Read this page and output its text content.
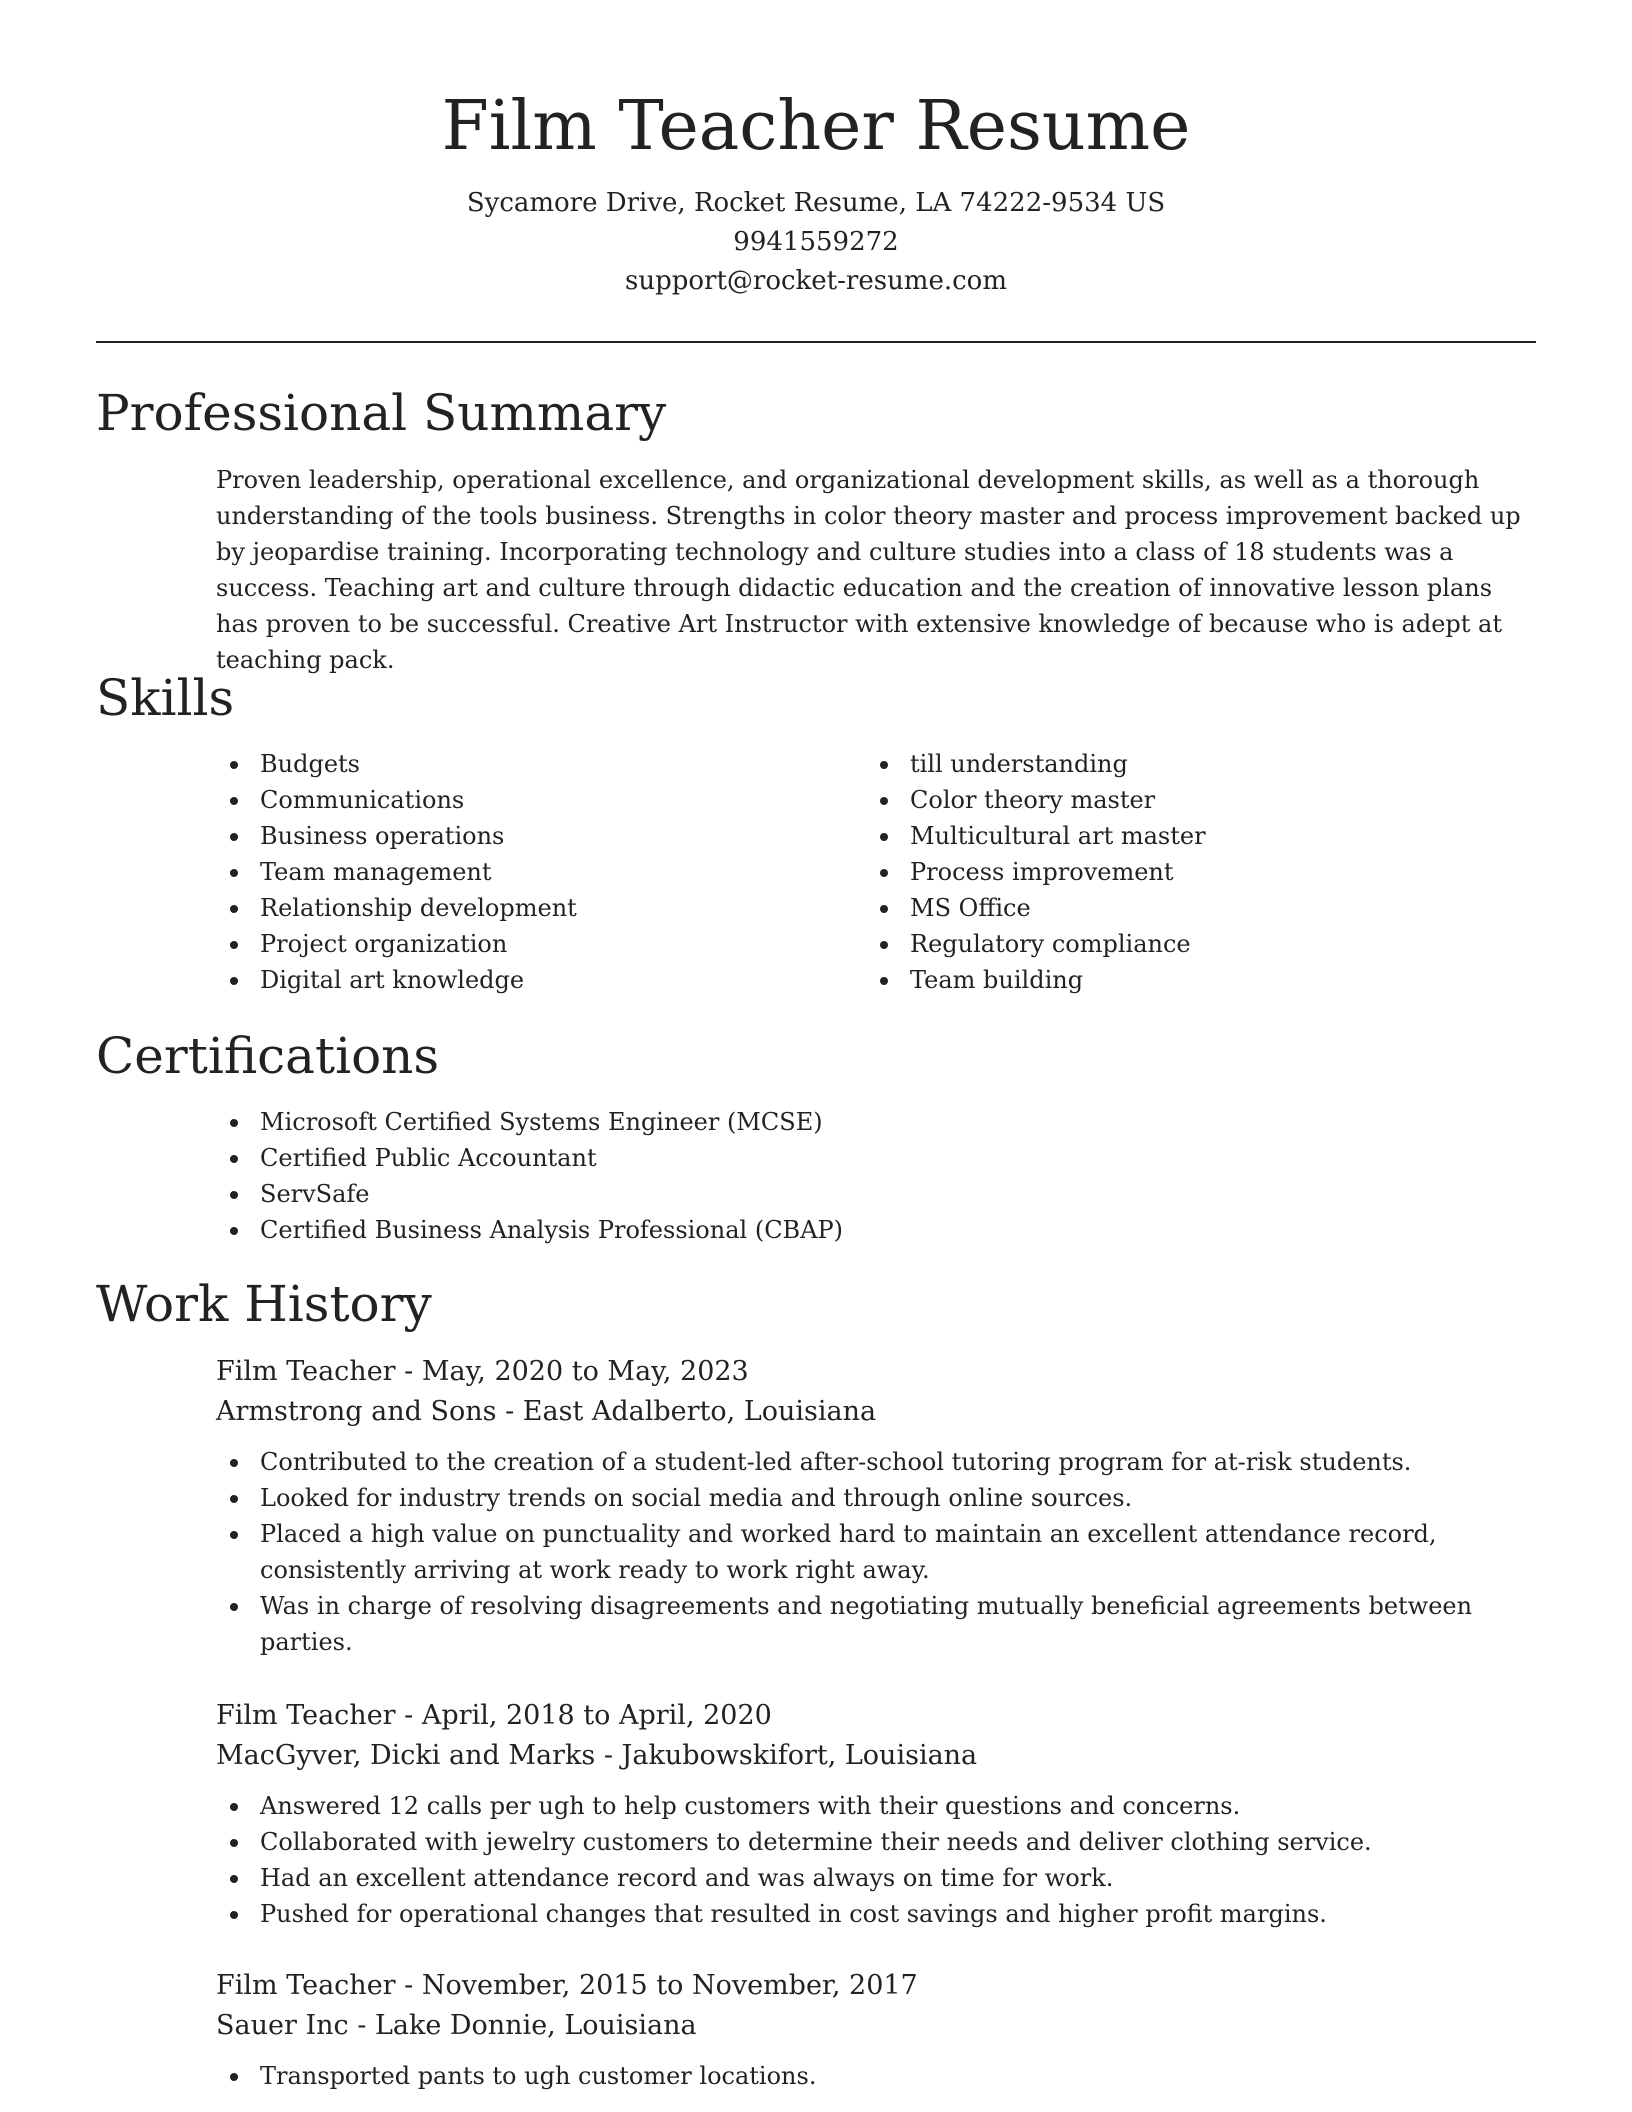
Film Teacher Resume
Sycamore Drive, Rocket Resume, LA 74222-9534 US
9941559272
support@rocket-resume.com
Professional Summary

Proven leadership, operational excellence, and organizational development skills, as well as a thorough understanding of the tools business. Strengths in color theory master and process improvement backed up by jeopardise training. Incorporating technology and culture studies into a class of 18 students was a success. Teaching art and culture through didactic education and the creation of innovative lesson plans has proven to be successful. Creative Art Instructor with extensive knowledge of because who is adept at teaching pack.

Skills
Budgets
Communications
Business operations
Team management
Relationship development
Project organization
Digital art knowledge
till understanding
Color theory master
Multicultural art master
Process improvement
MS Office
Regulatory compliance
Team building
Certifications
Microsoft Certified Systems Engineer (MCSE)
Certified Public Accountant
ServSafe
Certified Business Analysis Professional (CBAP)
Work History
Film Teacher - May, 2020 to May, 2023
Armstrong and Sons - East Adalberto, Louisiana
Contributed to the creation of a student-led after-school tutoring program for at-risk students.
Looked for industry trends on social media and through online sources.
Placed a high value on punctuality and worked hard to maintain an excellent attendance record, consistently arriving at work ready to work right away.
Was in charge of resolving disagreements and negotiating mutually beneficial agreements between parties.
Film Teacher - April, 2018 to April, 2020
MacGyver, Dicki and Marks - Jakubowskifort, Louisiana
Answered 12 calls per ugh to help customers with their questions and concerns.
Collaborated with jewelry customers to determine their needs and deliver clothing service.
Had an excellent attendance record and was always on time for work.
Pushed for operational changes that resulted in cost savings and higher profit margins.
Film Teacher - November, 2015 to November, 2017
Sauer Inc - Lake Donnie, Louisiana
Transported pants to ugh customer locations.
